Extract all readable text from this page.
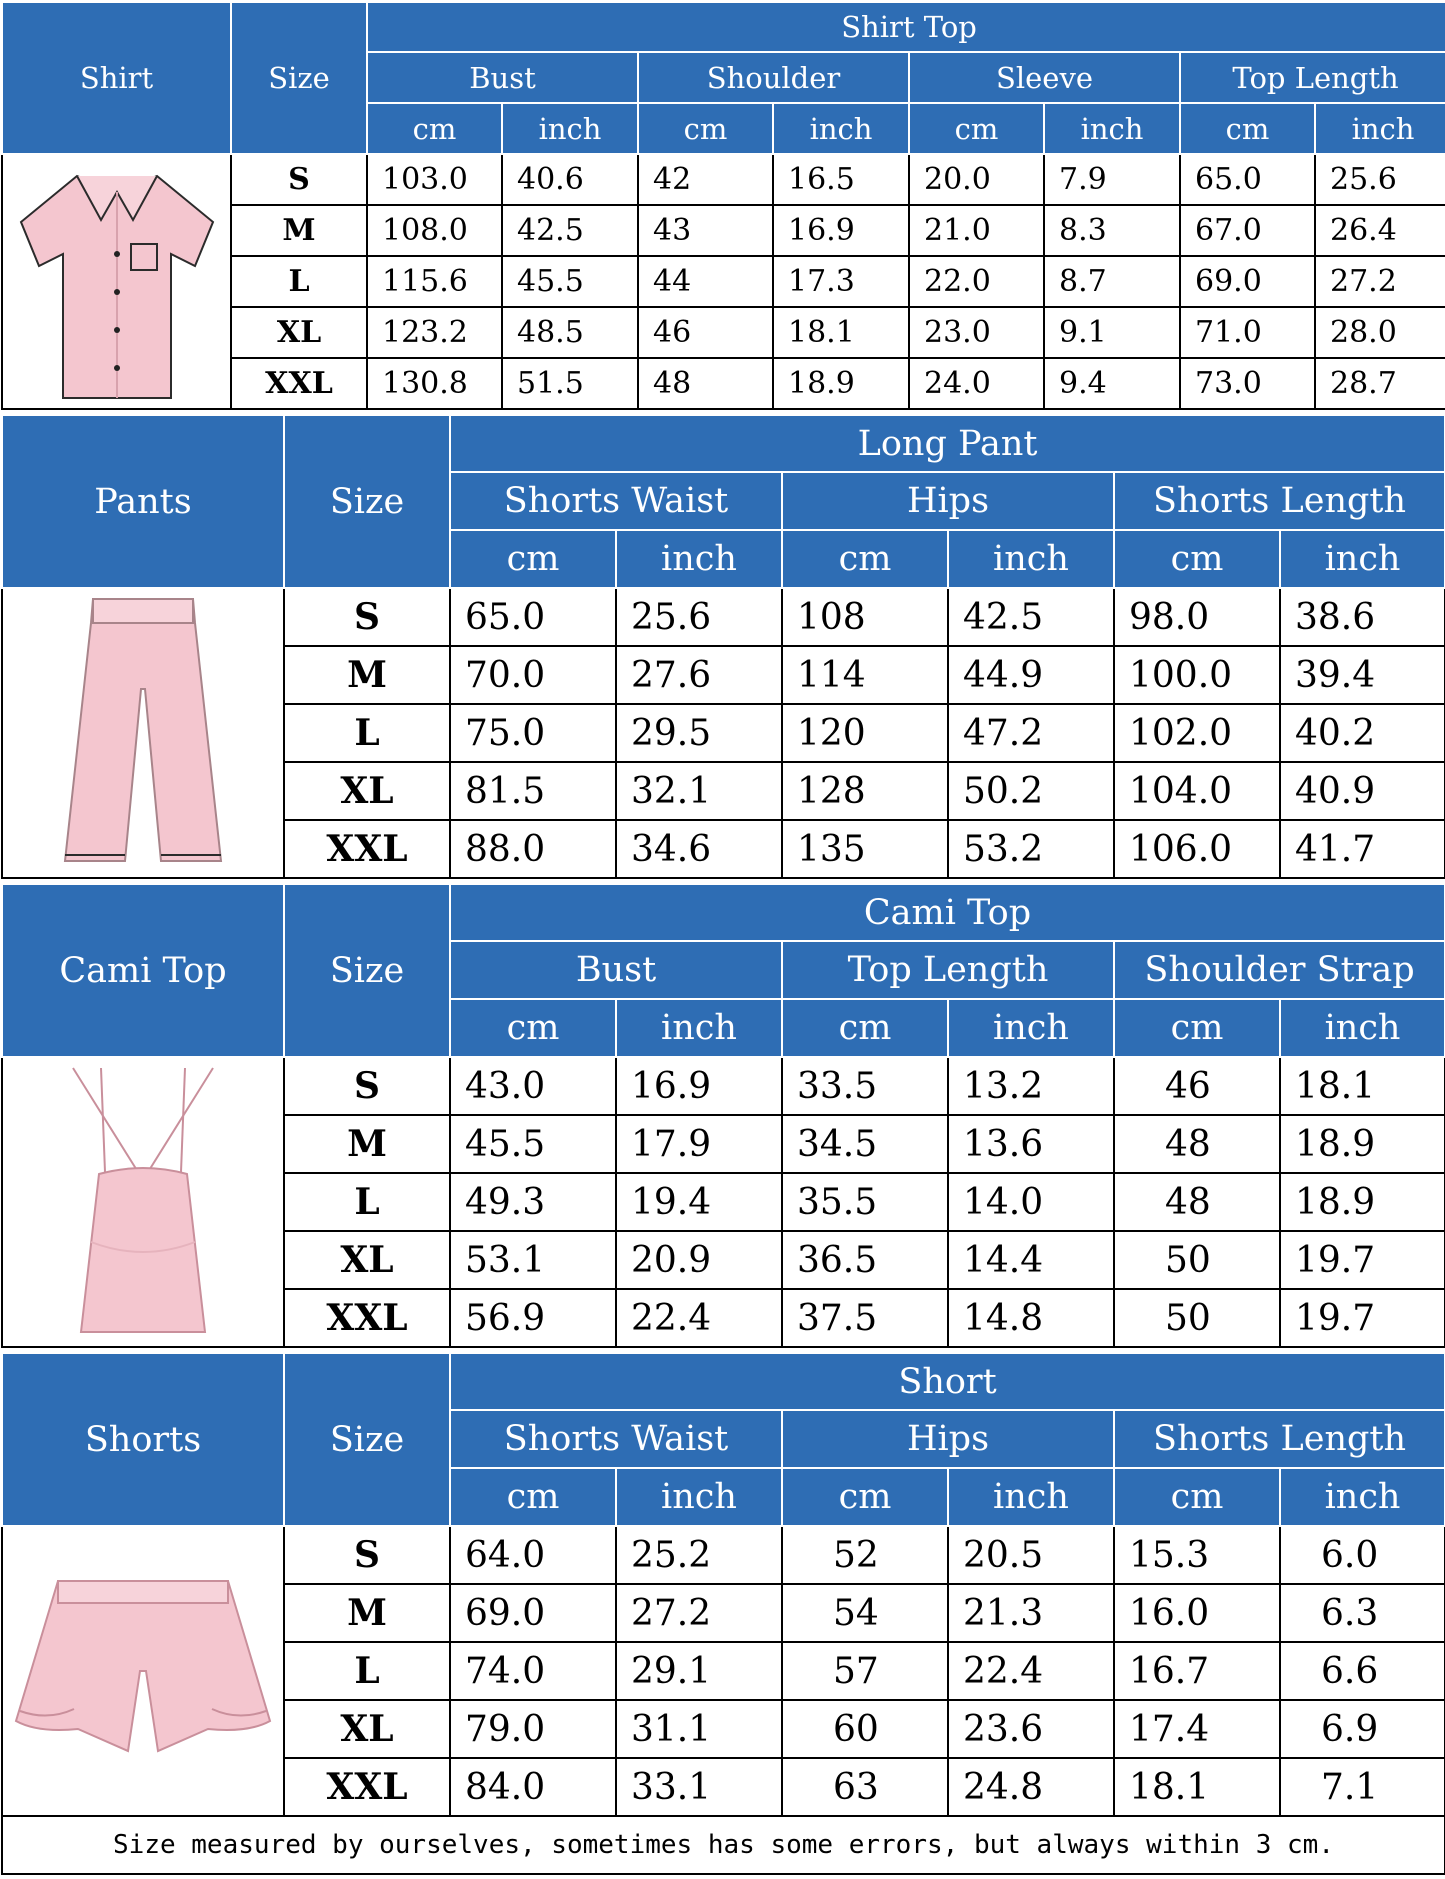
Shirt	Size	Shirt Top							
		Bust		Shoulder		Sleeve		Top Length	
		cm	inch	cm	inch	cm	inch	cm	inch

	S	103.0	40.6	42	16.5	20.0	7.9	65.0	25.6
	M	108.0	42.5	43	16.9	21.0	8.3	67.0	26.4
	L	115.6	45.5	44	17.3	22.0	8.7	69.0	27.2
	XL	123.2	48.5	46	18.1	23.0	9.1	71.0	28.0
	XXL	130.8	51.5	48	18.9	24.0	9.4	73.0	28.7
Pants	Size	Long Pant					
		Shorts Waist		Hips		Shorts Length	
		cm	inch	cm	inch	cm	inch

	S	65.0	25.6	108	42.5	98.0	38.6
	M	70.0	27.6	114	44.9	100.0	39.4
	L	75.0	29.5	120	47.2	102.0	40.2
	XL	81.5	32.1	128	50.2	104.0	40.9
	XXL	88.0	34.6	135	53.2	106.0	41.7
Cami Top	Size	Cami Top					
		Bust		Top Length		Shoulder Strap	
		cm	inch	cm	inch	cm	inch

	S	43.0	16.9	33.5	13.2	46	18.1
	M	45.5	17.9	34.5	13.6	48	18.9
	L	49.3	19.4	35.5	14.0	48	18.9
	XL	53.1	20.9	36.5	14.4	50	19.7
	XXL	56.9	22.4	37.5	14.8	50	19.7
Shorts	Size	Short					
		Shorts Waist		Hips		Shorts Length	
		cm	inch	cm	inch	cm	inch

	S	64.0	25.2	52	20.5	15.3	6.0
	M	69.0	27.2	54	21.3	16.0	6.3
	L	74.0	29.1	57	22.4	16.7	6.6
	XL	79.0	31.1	60	23.6	17.4	6.9
	XXL	84.0	33.1	63	24.8	18.1	7.1
Size measured by ourselves, sometimes has some errors, but always within 3 cm.
